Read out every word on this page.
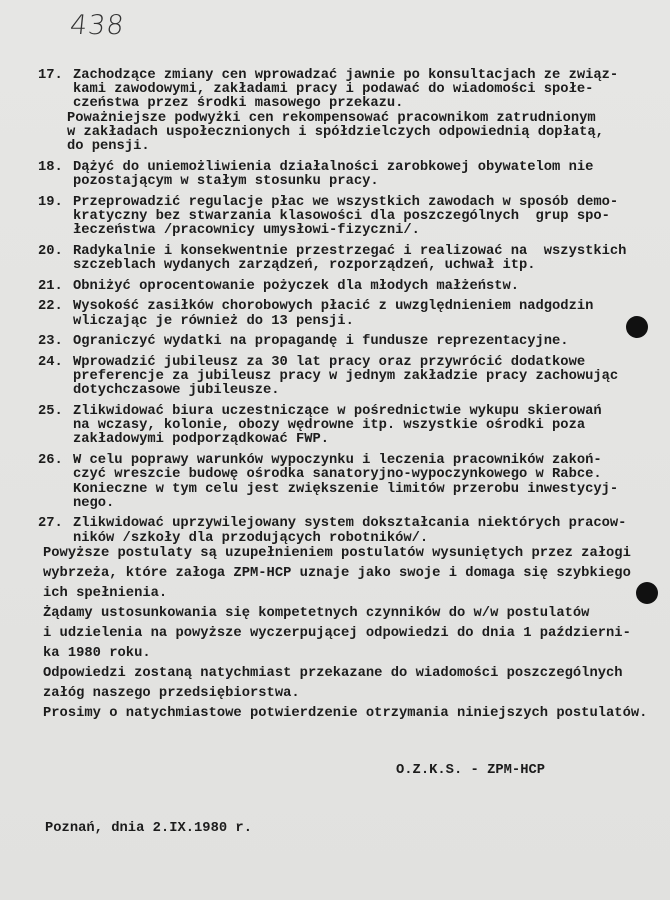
438
17. Zachodzące zmiany cen wprowadzać jawnie po konsultacjach ze związ-
kami zawodowymi, zakładami pracy i podawać do wiadomości społe-
czeństwa przez środki masowego przekazu.
Poważniejsze podwyżki cen rekompensować pracownikom zatrudnionym
w zakładach uspołecznionych i spółdzielczych odpowiednią dopłatą,
do pensji.
18. Dążyć do uniemożliwienia działalności zarobkowej obywatelom nie
pozostającym w stałym stosunku pracy.
19. Przeprowadzić regulacje płac we wszystkich zawodach w sposób demo-
kratyczny bez stwarzania klasowości dla poszczególnych  grup spo-
łeczeństwa /pracownicy umysłowi-fizyczni/.
20. Radykalnie i konsekwentnie przestrzegać i realizować na  wszystkich
szczeblach wydanych zarządzeń, rozporządzeń, uchwał itp.
21. Obniżyć oprocentowanie pożyczek dla młodych małżeństw.
22. Wysokość zasiłków chorobowych płacić z uwzględnieniem nadgodzin
wliczając je również do 13 pensji.
23. Ograniczyć wydatki na propagandę i fundusze reprezentacyjne.
24. Wprowadzić jubileusz za 30 lat pracy oraz przywrócić dodatkowe
preferencje za jubileusz pracy w jednym zakładzie pracy zachowując
dotychczasowe jubileusze.
25. Zlikwidować biura uczestniczące w pośrednictwie wykupu skierowań
na wczasy, kolonie, obozy wędrowne itp. wszystkie ośrodki poza
zakładowymi podporządkować FWP.
26. W celu poprawy warunków wypoczynku i leczenia pracowników zakoń-
czyć wreszcie budowę ośrodka sanatoryjno-wypoczynkowego w Rabce.
Konieczne w tym celu jest zwiększenie limitów przerobu inwestycyj-
nego.
27. Zlikwidować uprzywilejowany system dokształcania niektórych pracow-
ników /szkoły dla przodujących robotników/.
Powyższe postulaty są uzupełnieniem postulatów wysuniętych przez załogi
wybrzeża, które załoga ZPM-HCP uznaje jako swoje i domaga się szybkiego
ich spełnienia.
Żądamy ustosunkowania się kompetetnych czynników do w/w postulatów
i udzielenia na powyższe wyczerpującej odpowiedzi do dnia 1 październi-
ka 1980 roku.
Odpowiedzi zostaną natychmiast przekazane do wiadomości poszczególnych
załóg naszego przedsiębiorstwa.
Prosimy o natychmiastowe potwierdzenie otrzymania niniejszych postulatów.
O.Z.K.S. - ZPM-HCP
Poznań, dnia 2.IX.1980 r.
